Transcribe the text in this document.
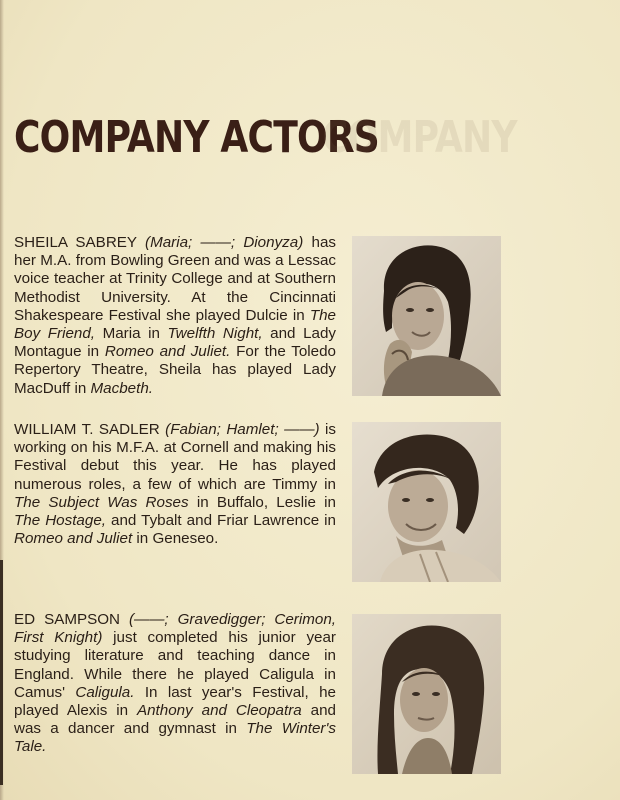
COMPANY ACTORS
COMPANY

SHEILA SABREY (Maria; ——; Dionyza) has her M.A. from Bowling Green and was a Lessac voice teacher at Trinity College and at Southern Methodist University. At the Cincinnati Shakespeare Festival she played Dulcie in The Boy Friend, Maria in Twelfth Night, and Lady Montague in Romeo and Juliet. For the Toledo Repertory Theatre, Sheila has played Lady MacDuff in Macbeth.

WILLIAM T. SADLER (Fabian; Hamlet; ——) is working on his M.F.A. at Cornell and making his Festival debut this year. He has played numerous roles, a few of which are Timmy in The Subject Was Roses in Buffalo, Leslie in The Hostage, and Tybalt and Friar Lawrence in Romeo and Juliet in Geneseo.

ED SAMPSON (——; Gravedigger; Cerimon, First Knight) just completed his junior year studying literature and teaching dance in England. While there he played Caligula in Camus' Caligula. In last year's Festival, he played Alexis in Anthony and Cleopatra and was a dancer and gymnast in The Winter's Tale.
